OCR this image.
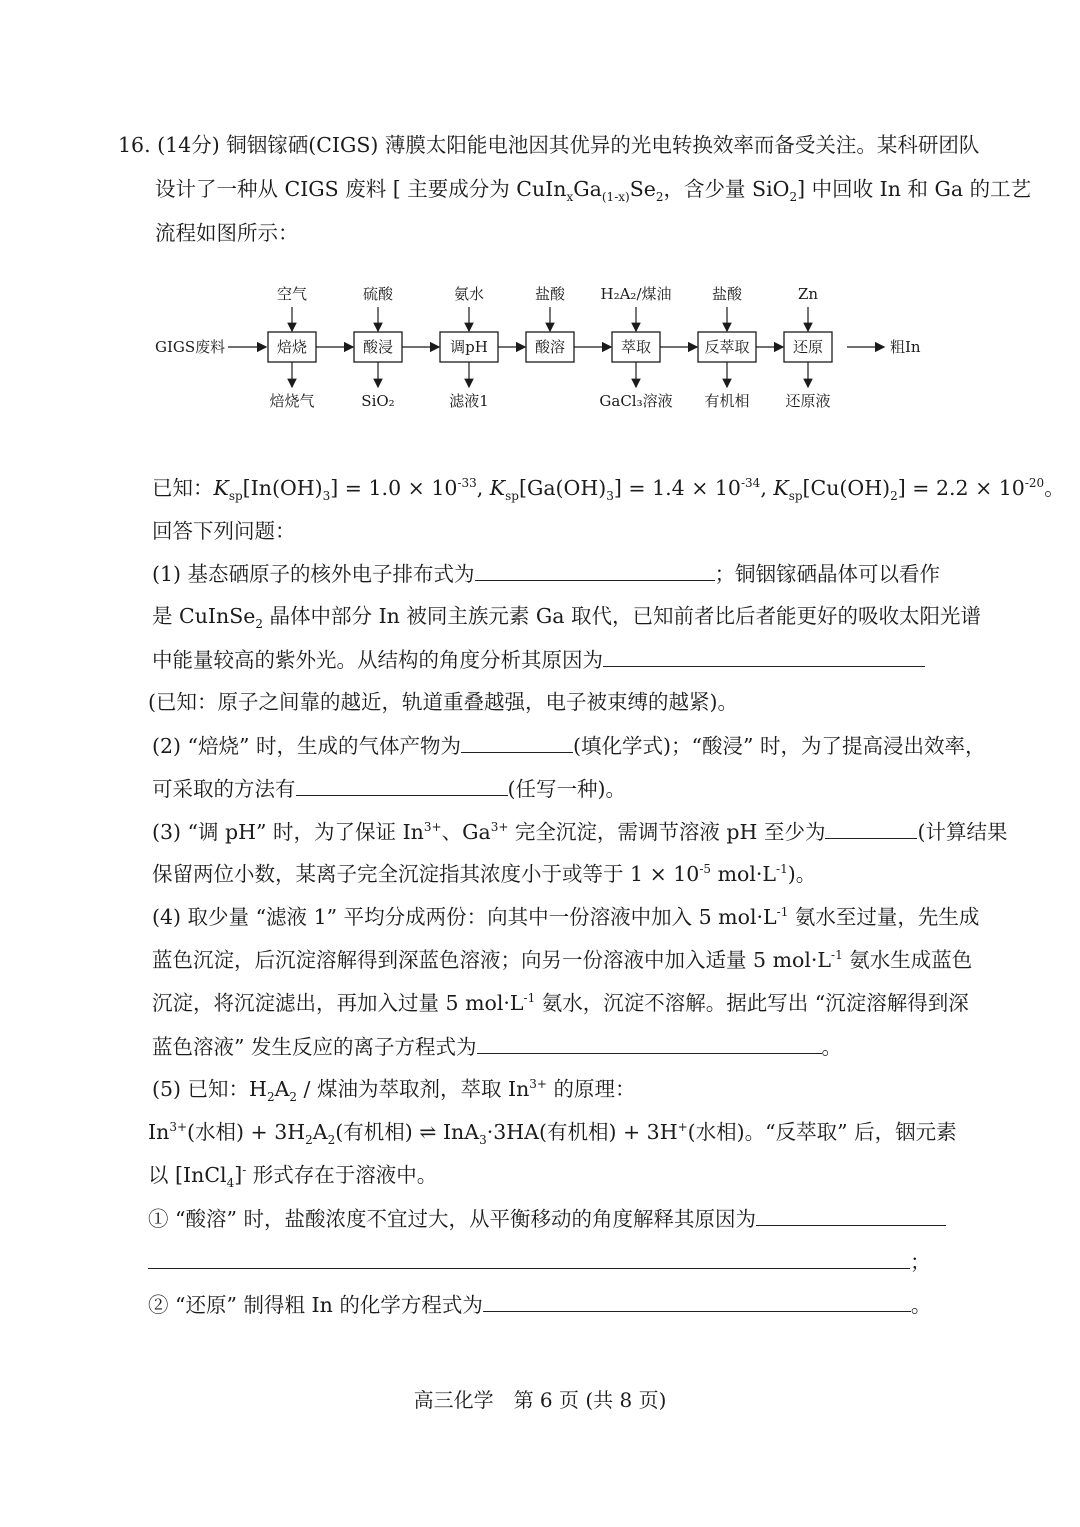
16. (14分) 铜铟镓硒(CIGS) 薄膜太阳能电池因其优异的光电转换效率而备受关注。某科研团队
设计了一种从 CIGS 废料 [ 主要成分为 $CuIn_xGa_{(1-x)}Se_2$，含少量 SiO$_2$] 中回收 In 和 Ga 的工艺
流程如图所示：
GIGS废料	焙烧
空气
焙烧气
酸浸
硫酸
SiO₂
调pH
氨水
滤液1
酸溶
盐酸
萃取
H₂A₂/煤油
GaCl₃溶液
反萃取
盐酸
有机相
还原
Zn
还原液
粗In
已知：$K_{sp}[In(OH)_3] = 1.0 \times 10^{-33}$, $K_{sp}[Ga(OH)_3] = 1.4 \times 10^{-34}$, $K_{sp}[Cu(OH)_2] = 2.2 \times 10^{-20}$。
回答下列问题：
(1) 基态硒原子的核外电子排布式为	；铜铟镓硒晶体可以看作
是 CuInSe$_2$ 晶体中部分 In 被同主族元素 Ga 取代，已知前者比后者能更好的吸收太阳光谱
中能量较高的紫外光。从结构的角度分析其原因为
(已知：原子之间靠的越近，轨道重叠越强，电子被束缚的越紧)。
(2) “焙烧” 时，生成的气体产物为	(填化学式)；“酸浸” 时，为了提高浸出效率，
可采取的方法有	(任写一种)。
(3) “调 pH” 时，为了保证 $In^{3+}$、$Ga^{3+}$ 完全沉淀，需调节溶液 pH 至少为	(计算结果
保留两位小数，某离子完全沉淀指其浓度小于或等于 $1 \times 10^{-5}$ $mol\cdot L^{-1}$)。
(4) 取少量 “滤液 1” 平均分成两份：向其中一份溶液中加入 5 $mol\cdot L^{-1}$ 氨水至过量，先生成
蓝色沉淀，后沉淀溶解得到深蓝色溶液；向另一份溶液中加入适量 5 $mol\cdot L^{-1}$ 氨水生成蓝色
沉淀，将沉淀滤出，再加入过量 5 $mol\cdot L^{-1}$ 氨水，沉淀不溶解。据此写出 “沉淀溶解得到深
蓝色溶液” 发生反应的离子方程式为	。
(5) 已知：$H_2A_2$ / 煤油为萃取剂，萃取 $In^{3+}$ 的原理：
$In^{3+}$(水相) + $3H_2A_2$(有机相) ⇌ InA$_3$·3HA(有机相) + 3H+(水相)。“反萃取” 后，铟元素
以 [InCl$_4$]- 形式存在于溶液中。
① “酸溶” 时，盐酸浓度不宜过大，从平衡移动的角度解释其原因为
；
② “还原” 制得粗 In 的化学方程式为	。
高三化学　第 6 页 (共 8 页)
